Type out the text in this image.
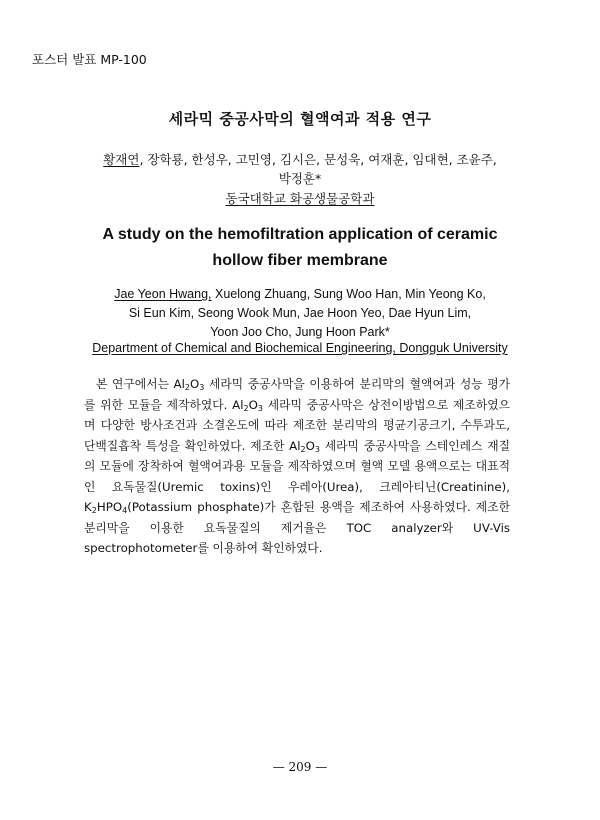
포스터 발표 MP-100
세라믹 중공사막의 혈액여과 적용 연구
황재연, 장학룡, 한성우, 고민영, 김시은, 문성욱, 여재훈, 임대현, 조윤주,
박정훈*
동국대학교 화공생물공학과
A study on the hemofiltration application of ceramic
hollow fiber membrane
Jae Yeon Hwang, Xuelong Zhuang, Sung Woo Han, Min Yeong Ko,
Si Eun Kim, Seong Wook Mun, Jae Hoon Yeo, Dae Hyun Lim,
Yoon Joo Cho, Jung Hoon Park*
Department of Chemical and Biochemical Engineering, Dongguk University
본 연구에서는 $Al_2O_3$ 세라믹 중공사막을 이용하여 분리막의 혈액여과 성능 평가를 위한 모듈을 제작하였다. $Al_2O_3$ 세라믹 중공사막은 상전이방법으로 제조하였으며 다양한 방사조건과 소결온도에 따라 제조한 분리막의 평균기공크기, 수투과도, 단백질흡착 특성을 확인하였다. 제조한 $Al_2O_3$ 세라믹 중공사막을 스테인레스 재질의 모듈에 장착하여 혈액여과용 모듈을 제작하였으며 혈액 모델 용액으로는 대표적인 요독물질(Uremic toxins)인 우레아(Urea), 크레아티닌(Creatinine), $K_2HPO_4(Potassium$ phosphate)가 혼합된 용액을 제조하여 사용하였다. 제조한 분리막을 이용한 요독물질의 제거율은 TOC analyzer와 UV-Vis spectrophotometer를 이용하여 확인하였다.
— 209 —
